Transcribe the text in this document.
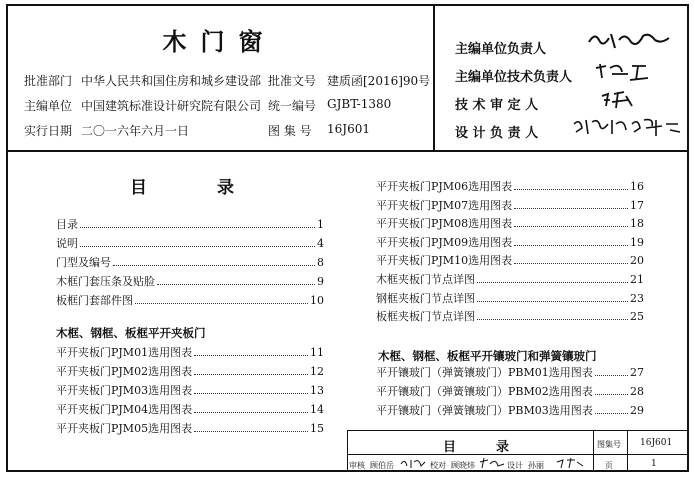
木门窗
批准部门 中华人民共和国住房和城乡建设部 批准文号 建质函[2016]90号
主编单位 中国建筑标准设计研究院有限公司 统一编号 GJBT-1380
实行日期 二〇一六年六月一日	图 集 号 16J601
主编单位负责人
主编单位技术负责人
技 术 审 定 人
设 计 负 责 人
目录
目录	1
说明	4
门型及编号	8
木框门套压条及贴脸	9
板框门套部件图	10
木框、钢框、板框平开夹板门
平开夹板门PJM01选用图表	11
平开夹板门PJM02选用图表	12
平开夹板门PJM03选用图表	13
平开夹板门PJM04选用图表	14
平开夹板门PJM05选用图表	15
平开夹板门PJM06选用图表	16
平开夹板门PJM07选用图表	17
平开夹板门PJM08选用图表	18
平开夹板门PJM09选用图表	19
平开夹板门PJM10选用图表	20
木框夹板门节点详图	21
钢框夹板门节点详图	23
板框夹板门节点详图	25
木框、钢框、板框平开镶玻门和弹簧镶玻门
平开镶玻门（弹簧镶玻门）PBM01选用图表	27
平开镶玻门（弹簧镶玻门）PBM02选用图表	28
平开镶玻门（弹簧镶玻门）PBM03选用图表	29
目录	图集号 16J601
审核 顾伯岳	校对 顾晓炜	设计 孙丽	页	1
